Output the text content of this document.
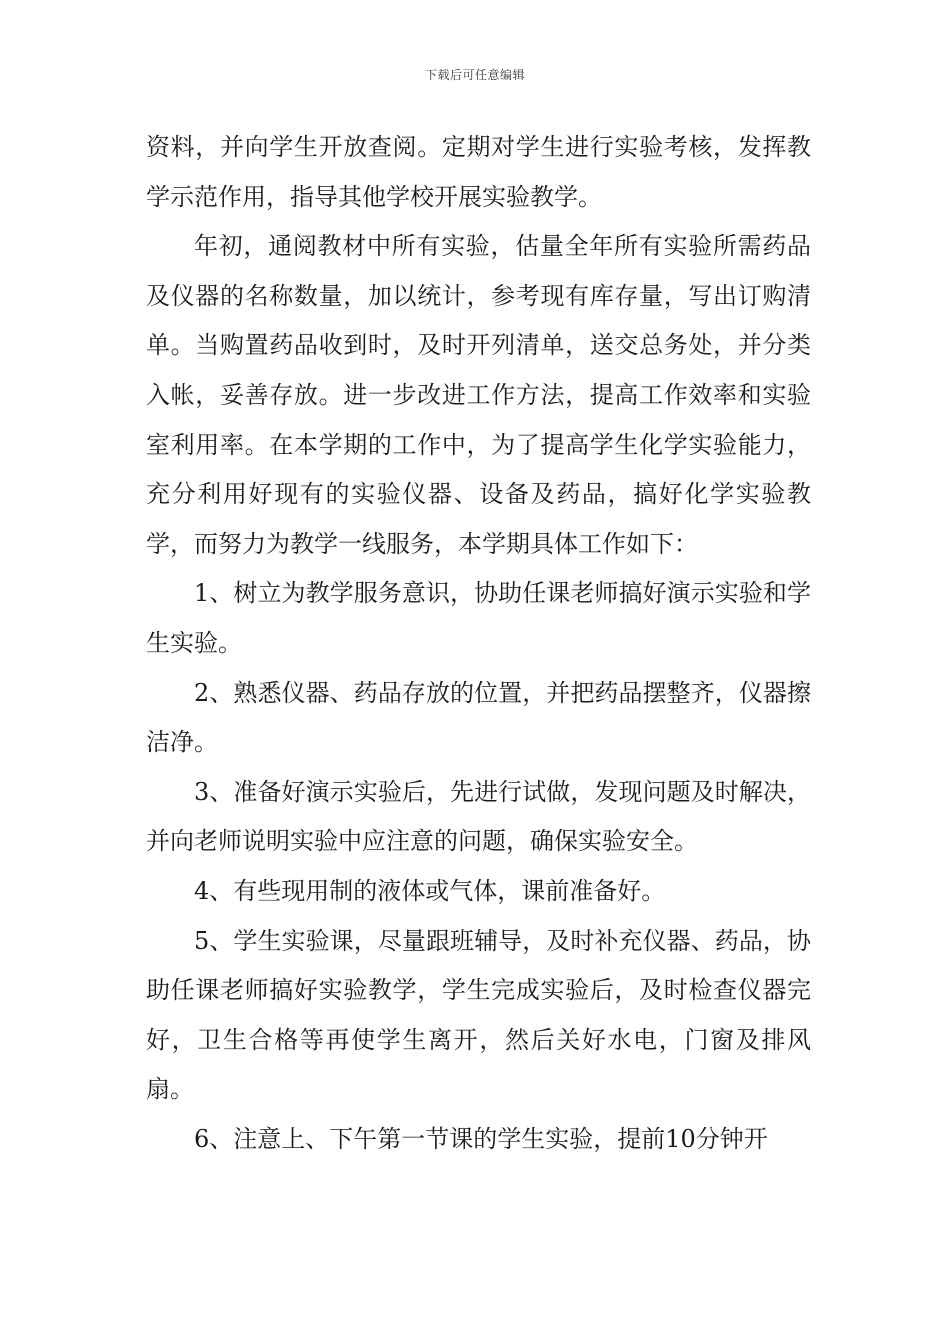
下载后可任意编辑

资料，并向学生开放查阅。定期对学生进行实验考核，发挥教学示范作用，指导其他学校开展实验教学。

年初，通阅教材中所有实验，估量全年所有实验所需药品及仪器的名称数量，加以统计，参考现有库存量，写出订购清单。当购置药品收到时，及时开列清单，送交总务处，并分类入帐，妥善存放。进一步改进工作方法，提高工作效率和实验室利用率。在本学期的工作中，为了提高学生化学实验能力，充分利用好现有的实验仪器、设备及药品，搞好化学实验教学，而努力为教学一线服务，本学期具体工作如下：

1、树立为教学服务意识，协助任课老师搞好演示实验和学生实验。

2、熟悉仪器、药品存放的位置，并把药品摆整齐，仪器擦洁净。

3、准备好演示实验后，先进行试做，发现问题及时解决，并向老师说明实验中应注意的问题，确保实验安全。

4、有些现用制的液体或气体，课前准备好。

5、学生实验课，尽量跟班辅导，及时补充仪器、药品，协助任课老师搞好实验教学，学生完成实验后，及时检查仪器完好，卫生合格等再使学生离开，然后关好水电，门窗及排风扇。

6、注意上、下午第一节课的学生实验，提前10分钟开
